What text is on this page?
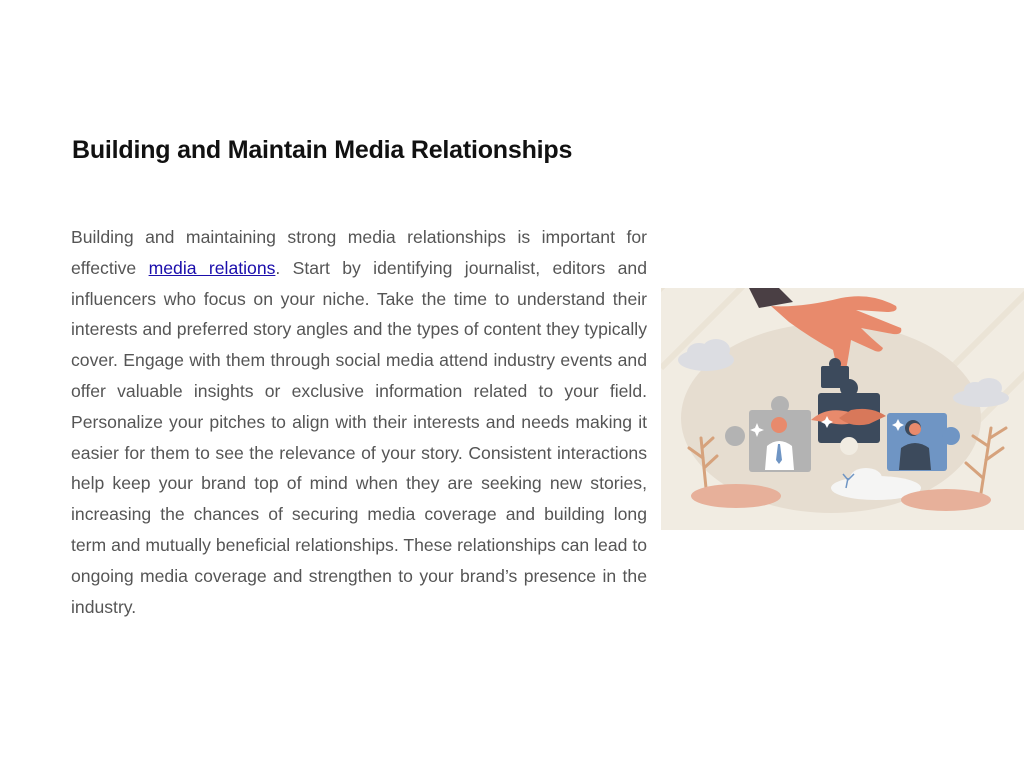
Building and Maintain Media Relationships

Building and maintaining strong media relationships is important for effective media relations. Start by identifying journalist, editors and influencers who focus on your niche. Take the time to understand their interests and preferred story angles and the types of content they typically cover. Engage with them through social media attend industry events and offer valuable insights or exclusive information related to your field. Personalize your pitches to align with their interests and needs making it easier for them to see the relevance of your story. Consistent interactions help keep your brand top of mind when they are seeking new stories, increasing the chances of securing media coverage and building long term and mutually beneficial relationships. These relationships can lead to ongoing media coverage and strengthen to your brand’s presence in the industry.
